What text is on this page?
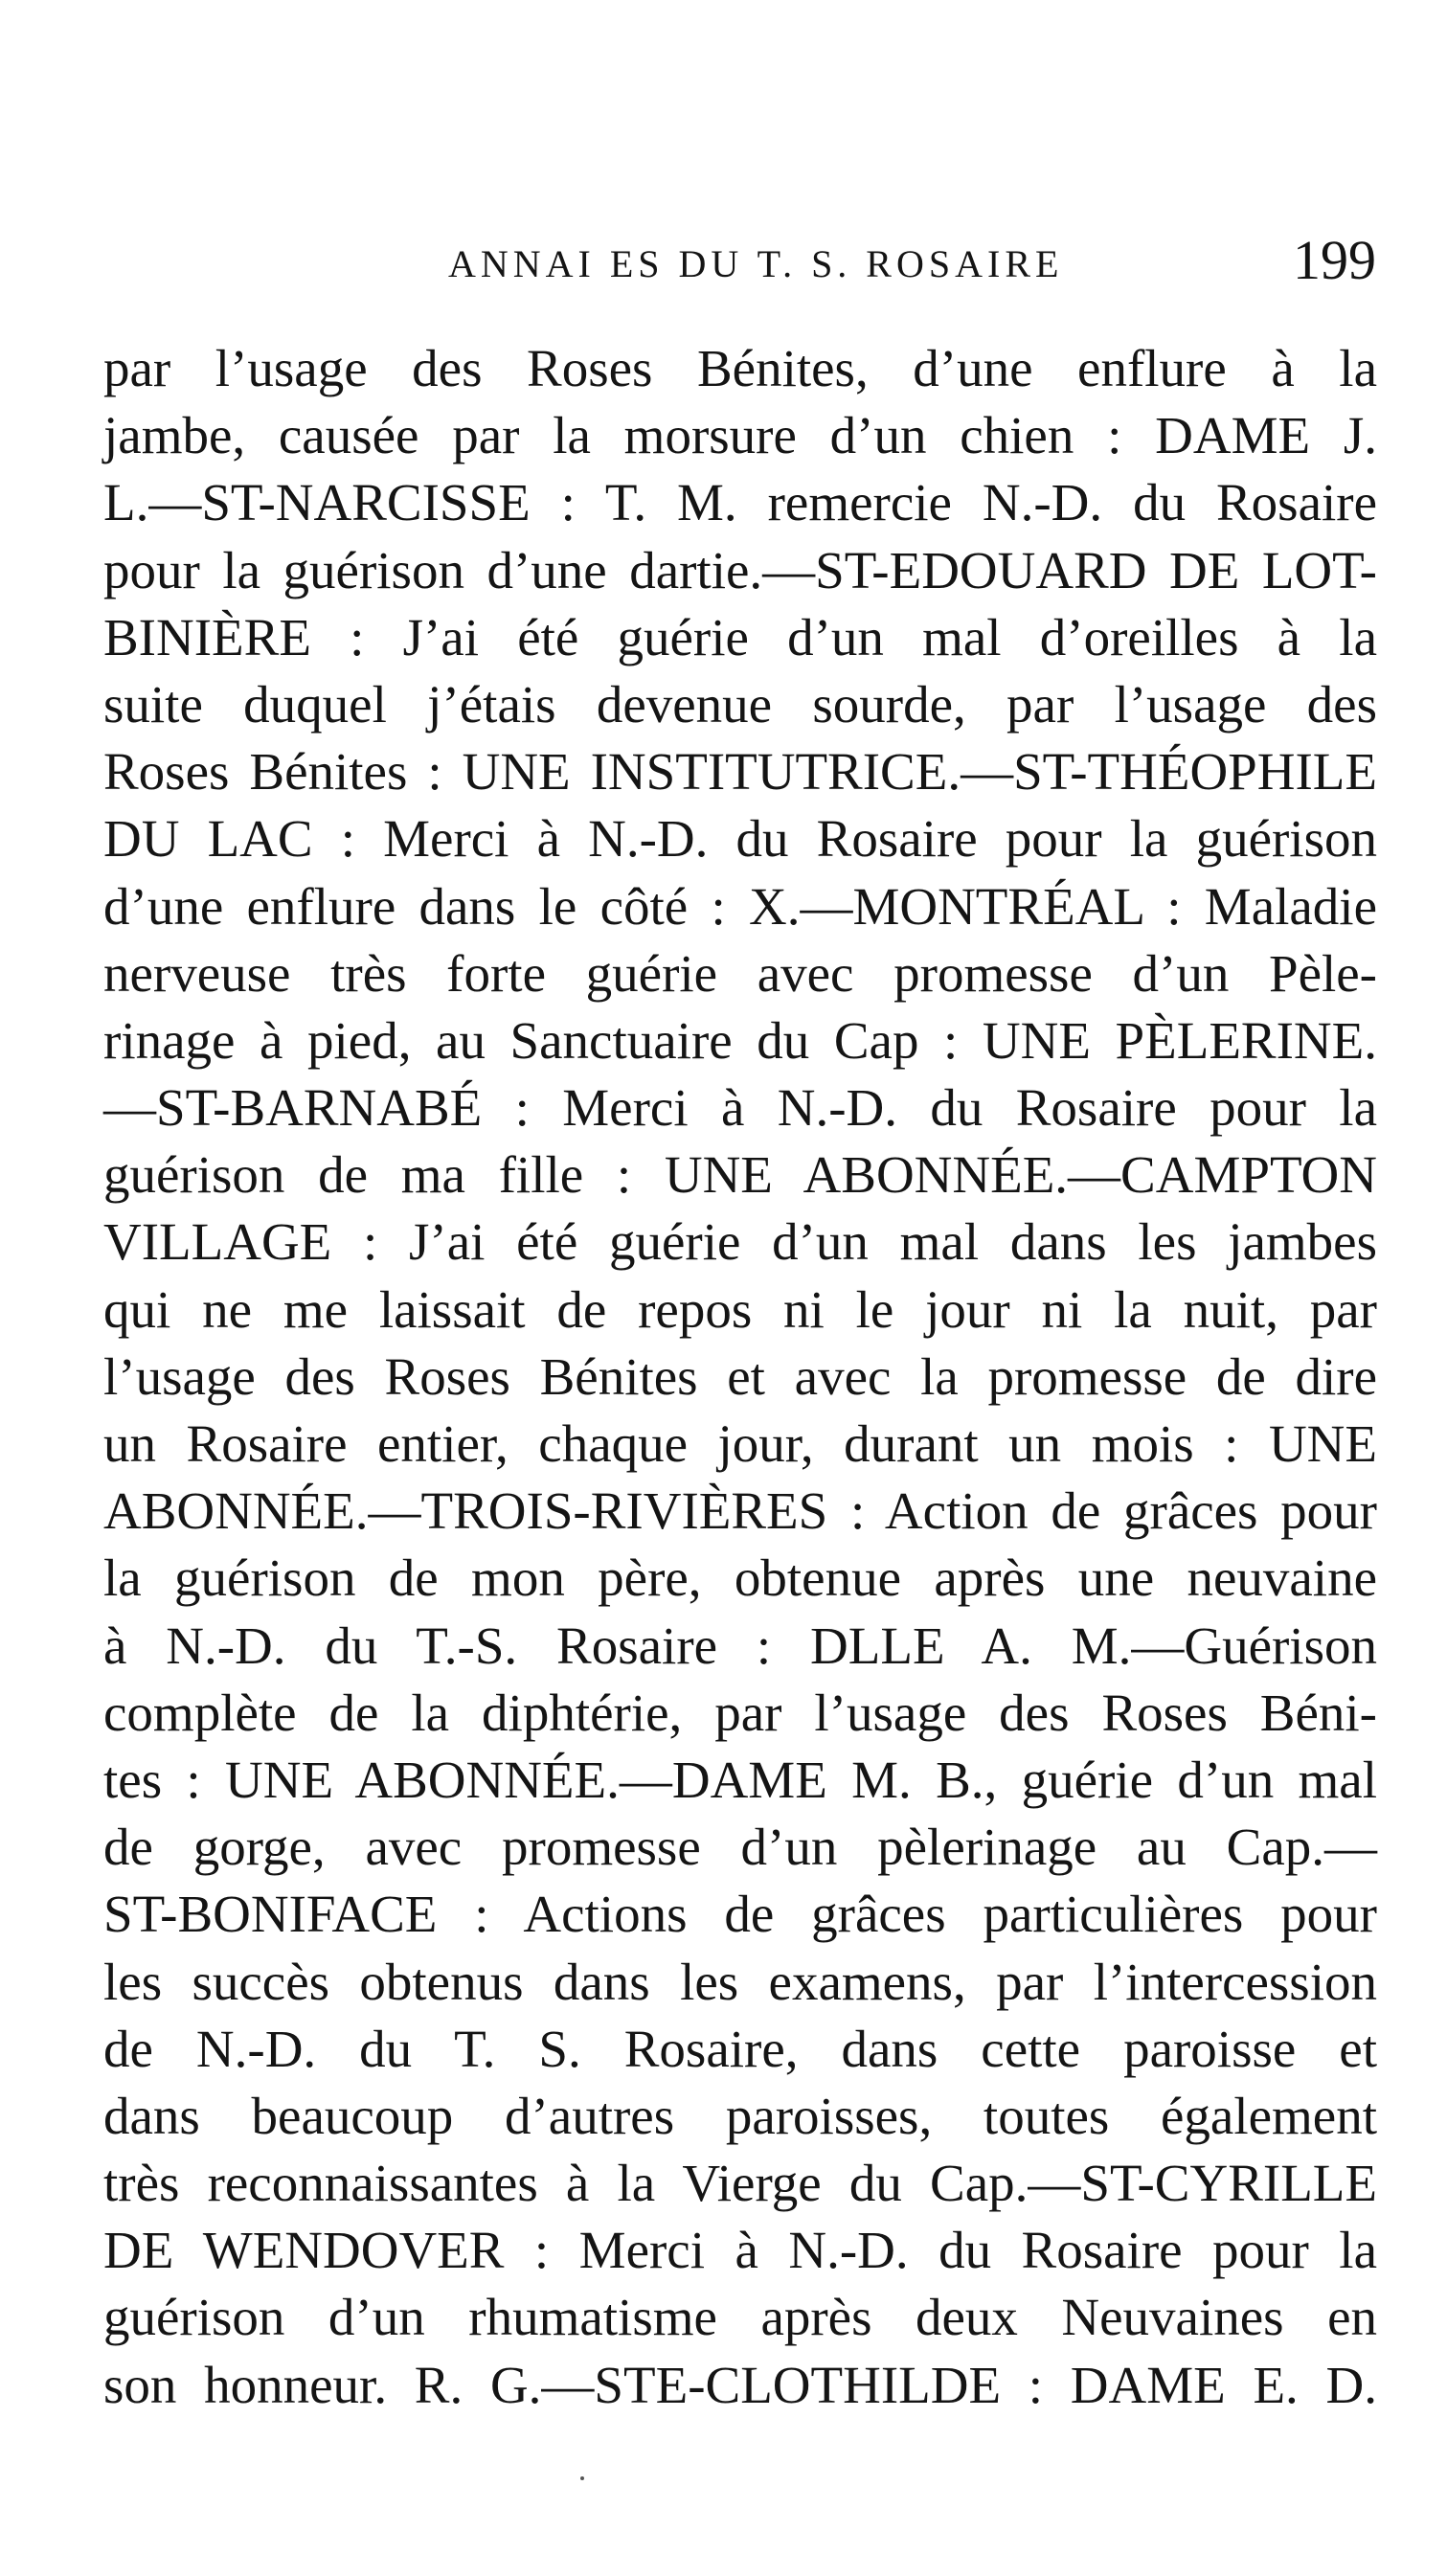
ANNAI ES DU T. S. ROSAIRE	199
par l’usage des Roses Bénites, d’une enflure à la
jambe, causée par la morsure d’un chien : DAME J.
L.—ST-NARCISSE : T. M. remercie N.-D. du Rosaire
pour la guérison d’une dartie.—ST-EDOUARD DE LOT-
BINIÈRE : J’ai été guérie d’un mal d’oreilles à la
suite duquel j’étais devenue sourde, par l’usage des
Roses Bénites : UNE INSTITUTRICE.—ST-THÉOPHILE
DU LAC : Merci à N.-D. du Rosaire pour la guérison
d’une enflure dans le côté : X.—MONTRÉAL : Maladie
nerveuse très forte guérie avec promesse d’un Pèle-
rinage à pied, au Sanctuaire du Cap : UNE PÈLERINE.
—ST-BARNABÉ : Merci à N.-D. du Rosaire pour la
guérison de ma fille : UNE ABONNÉE.—CAMPTON
VILLAGE : J’ai été guérie d’un mal dans les jambes
qui ne me laissait de repos ni le jour ni la nuit, par
l’usage des Roses Bénites et avec la promesse de dire
un Rosaire entier, chaque jour, durant un mois : UNE
ABONNÉE.—TROIS-RIVIÈRES : Action de grâces pour
la guérison de mon père, obtenue après une neuvaine
à N.-D. du T.-S. Rosaire : DLLE A. M.—Guérison
complète de la diphtérie, par l’usage des Roses Béni-
tes : UNE ABONNÉE.—DAME M. B., guérie d’un mal
de gorge, avec promesse d’un pèlerinage au Cap.—
ST-BONIFACE : Actions de grâces particulières pour
les succès obtenus dans les examens, par l’intercession
de N.-D. du T. S. Rosaire, dans cette paroisse et
dans beaucoup d’autres paroisses, toutes également
très reconnaissantes à la Vierge du Cap.—ST-CYRILLE
DE WENDOVER : Merci à N.-D. du Rosaire pour la
guérison d’un rhumatisme après deux Neuvaines en
son honneur. R. G.—STE-CLOTHILDE : DAME E. D.
